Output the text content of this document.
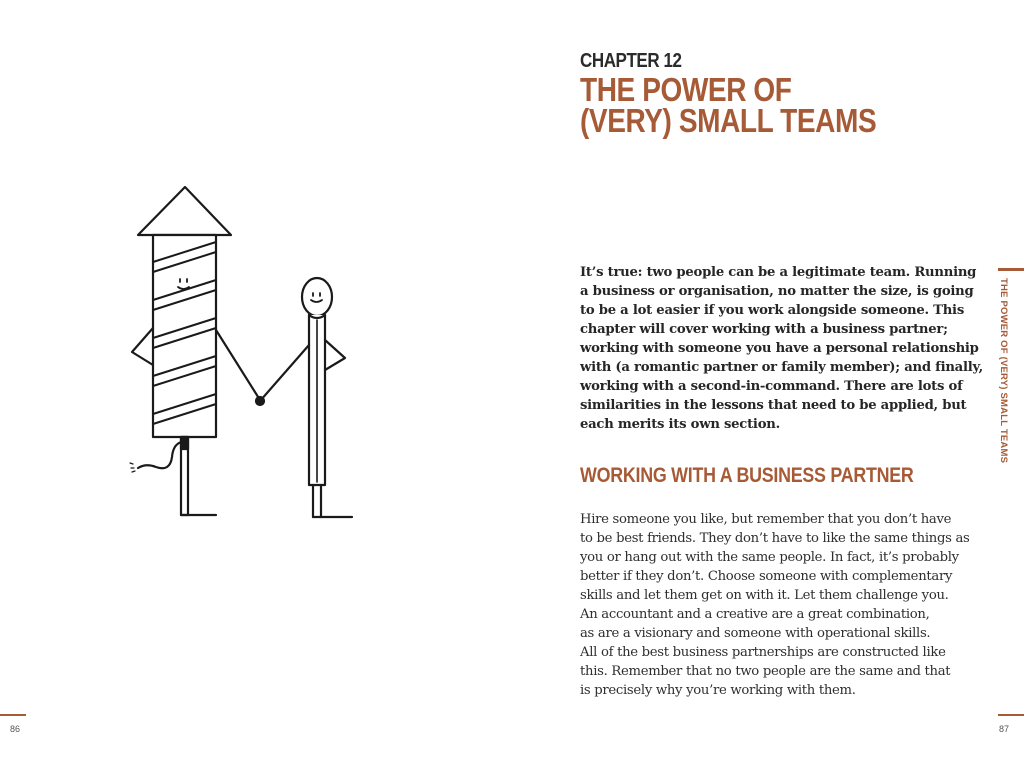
CHAPTER 12
THE POWER OF
(VERY) SMALL TEAMS
It’s true: two people can be a legitimate team. Running
a business or organisation, no matter the size, is going
to be a lot easier if you work alongside someone. This
chapter will cover working with a business partner;
working with someone you have a personal relationship
with (a romantic partner or family member); and finally,
working with a second-in-command. There are lots of
similarities in the lessons that need to be applied, but
each merits its own section.
WORKING WITH A BUSINESS PARTNER
Hire someone you like, but remember that you don’t have
to be best friends. They don’t have to like the same things as
you or hang out with the same people. In fact, it’s probably
better if they don’t. Choose someone with complementary
skills and let them get on with it. Let them challenge you.
An accountant and a creative are a great combination,
as are a visionary and someone with operational skills.
All of the best business partnerships are constructed like
this. Remember that no two people are the same and that
is precisely why you’re working with them.
THE POWER OF (VERY) SMALL TEAMS
86	87
